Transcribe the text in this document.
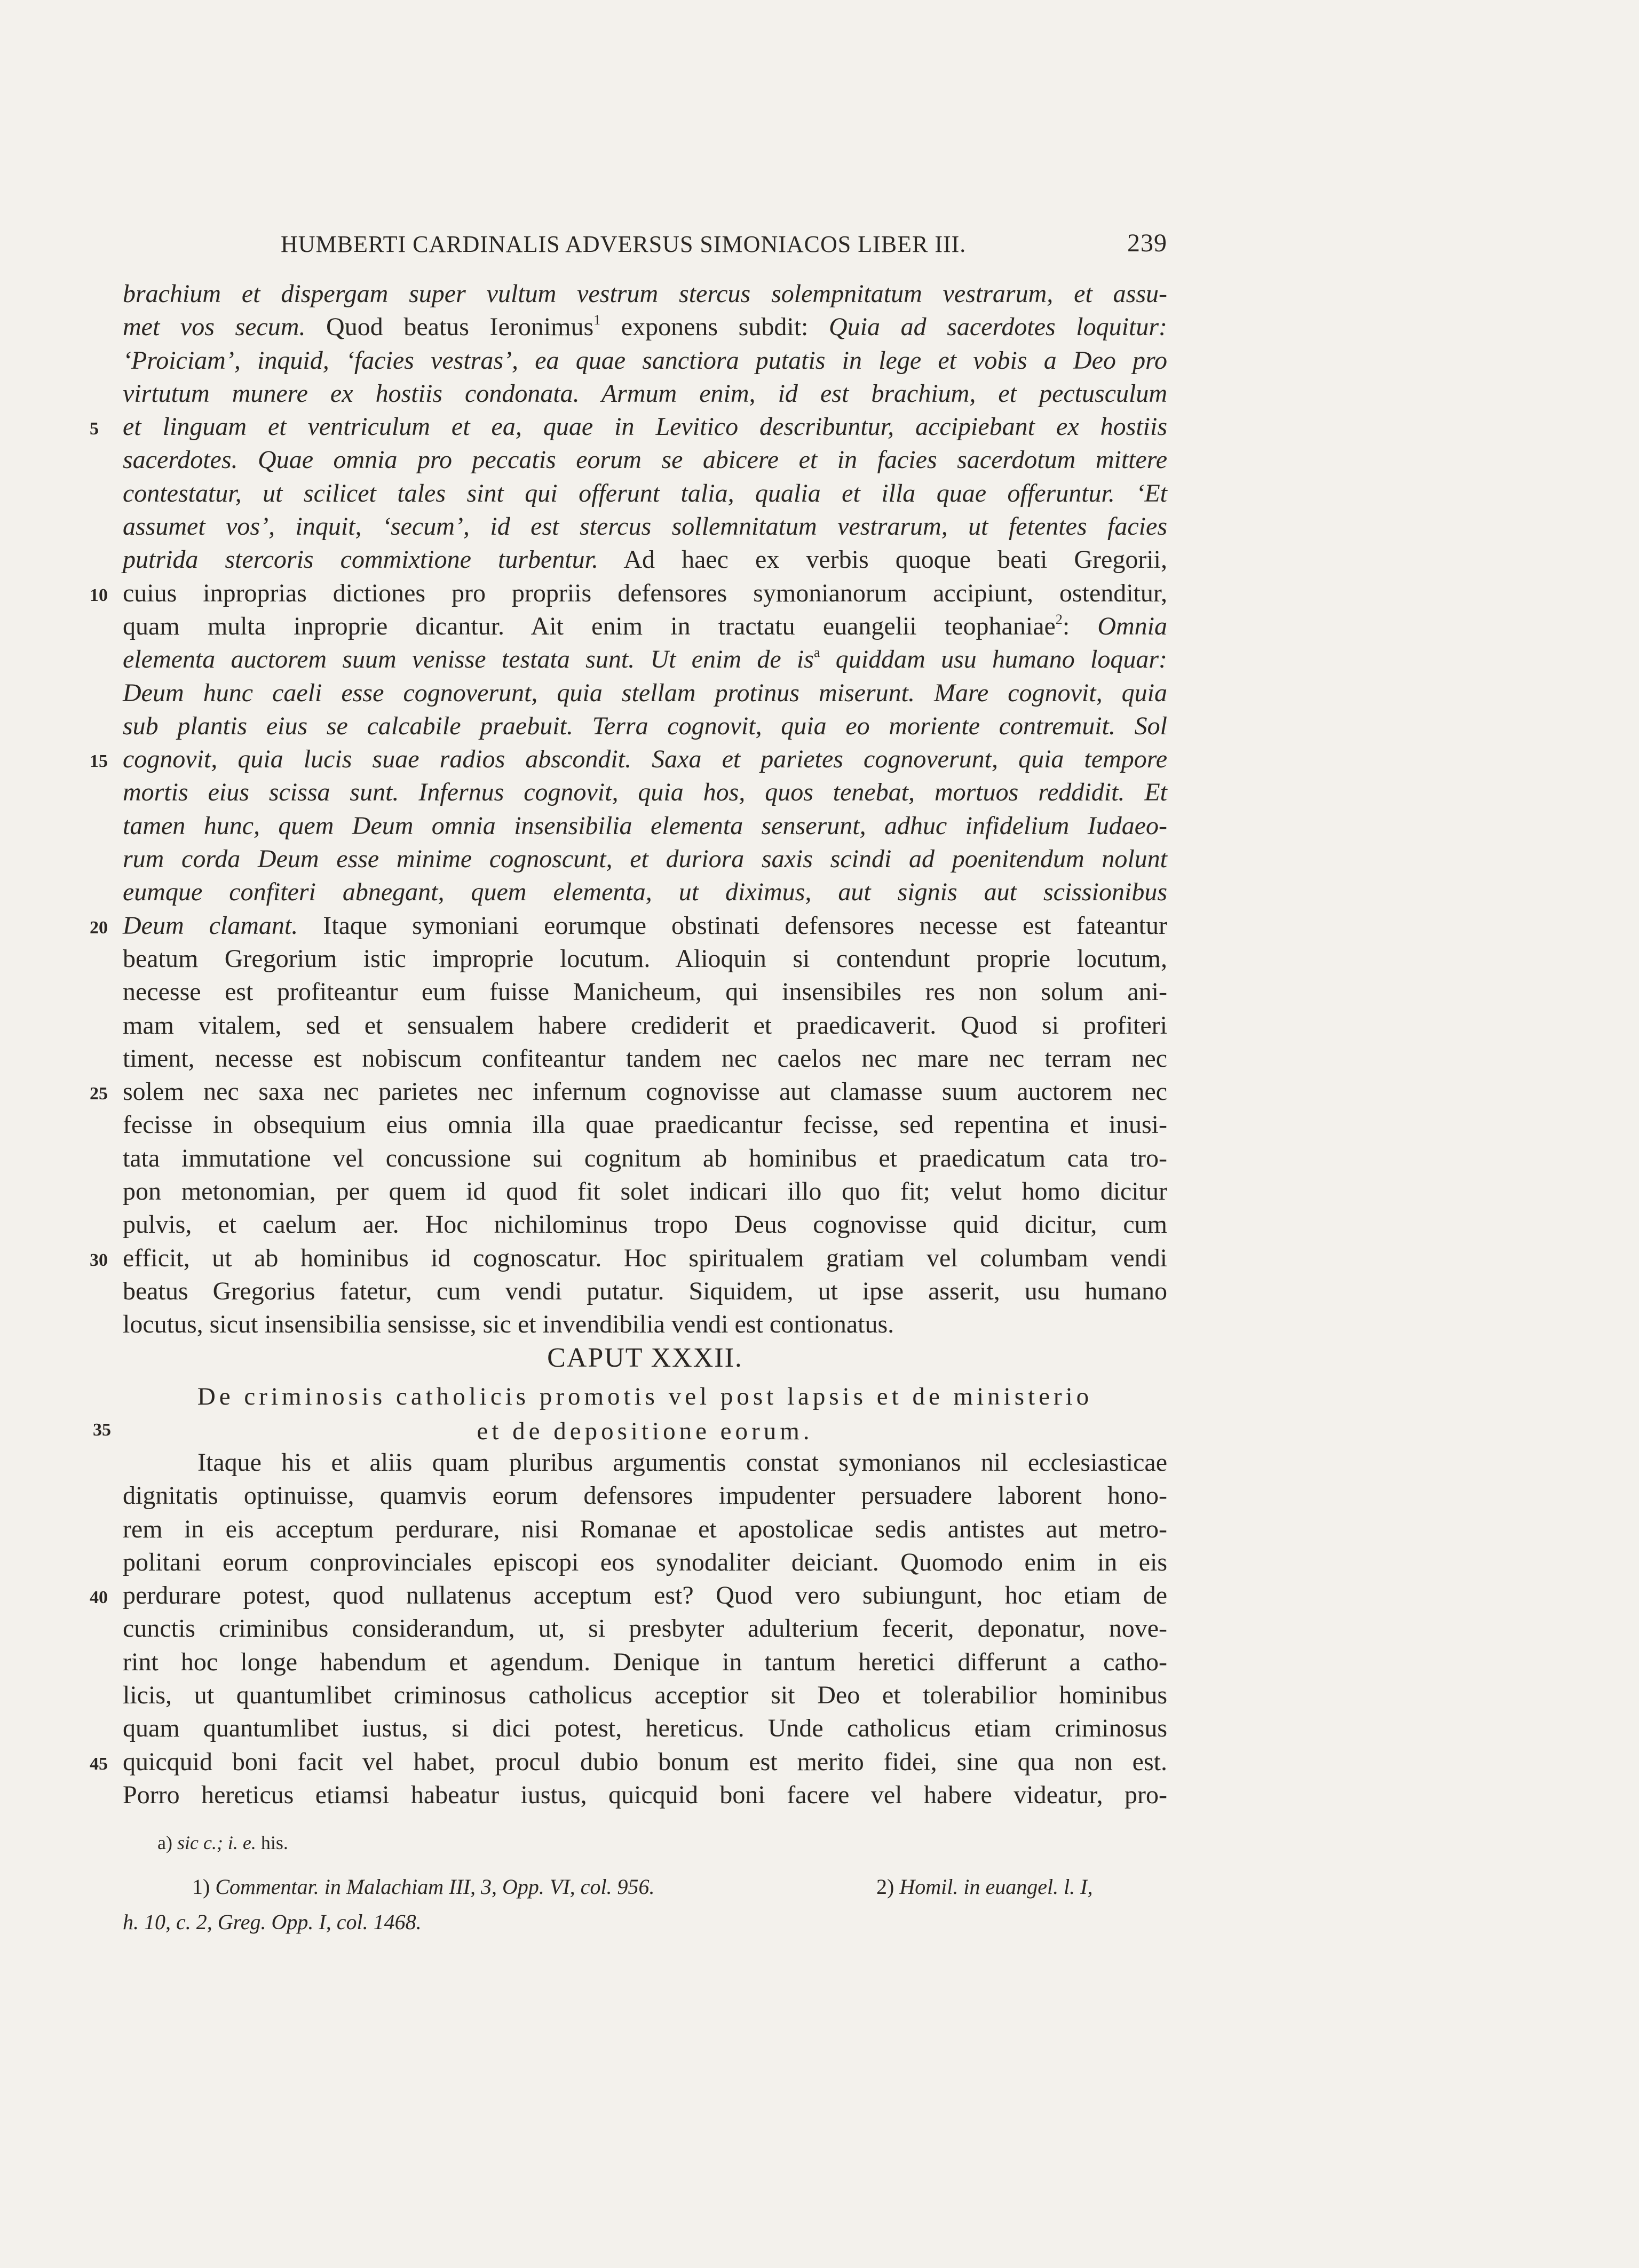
HUMBERTI CARDINALIS ADVERSUS SIMONIACOS LIBER III.	239
brachium et dispergam super vultum vestrum stercus solempnitatum vestrarum, et assu-
met vos secum. Quod beatus Ieronimus$^1$ exponens subdit: Quia ad sacerdotes loquitur:
‘Proiciam’, inquid, ‘facies vestras’, ea quae sanctiora putatis in lege et vobis a Deo pro
virtutum munere ex hostiis condonata. Armum enim, id est brachium, et pectusculum
5 et linguam et ventriculum et ea, quae in Levitico describuntur, accipiebant ex hostiis
sacerdotes. Quae omnia pro peccatis eorum se abicere et in facies sacerdotum mittere
contestatur, ut scilicet tales sint qui offerunt talia, qualia et illa quae offeruntur. ‘Et
assumet vos’, inquit, ‘secum’, id est stercus sollemnitatum vestrarum, ut fetentes facies
putrida stercoris commixtione turbentur. Ad haec ex verbis quoque beati Gregorii,
10 cuius inproprias dictiones pro propriis defensores symonianorum accipiunt, ostenditur,
quam multa inproprie dicantur. Ait enim in tractatu euangelii teophaniae$^2$: Omnia
elementa auctorem suum venisse testata sunt. Ut enim de $is^a$ quiddam usu humano loquar:
Deum hunc caeli esse cognoverunt, quia stellam protinus miserunt. Mare cognovit, quia
sub plantis eius se calcabile praebuit. Terra cognovit, quia eo moriente contremuit. Sol
15 cognovit, quia lucis suae radios abscondit. Saxa et parietes cognoverunt, quia tempore
mortis eius scissa sunt. Infernus cognovit, quia hos, quos tenebat, mortuos reddidit. Et
tamen hunc, quem Deum omnia insensibilia elementa senserunt, adhuc infidelium Iudaeo-
rum corda Deum esse minime cognoscunt, et duriora saxis scindi ad poenitendum nolunt
eumque confiteri abnegant, quem elementa, ut diximus, aut signis aut scissionibus
20 Deum clamant. Itaque symoniani eorumque obstinati defensores necesse est fateantur
beatum Gregorium istic improprie locutum. Alioquin si contendunt proprie locutum,
necesse est profiteantur eum fuisse Manicheum, qui insensibiles res non solum ani-
mam vitalem, sed et sensualem habere crediderit et praedicaverit. Quod si profiteri
timent, necesse est nobiscum confiteantur tandem nec caelos nec mare nec terram nec
25 solem nec saxa nec parietes nec infernum cognovisse aut clamasse suum auctorem nec
fecisse in obsequium eius omnia illa quae praedicantur fecisse, sed repentina et inusi-
tata immutatione vel concussione sui cognitum ab hominibus et praedicatum cata tro-
pon metonomian, per quem id quod fit solet indicari illo quo fit; velut homo dicitur
pulvis, et caelum aer. Hoc nichilominus tropo Deus cognovisse quid dicitur, cum
30 efficit, ut ab hominibus id cognoscatur. Hoc spiritualem gratiam vel columbam vendi
beatus Gregorius fatetur, cum vendi putatur. Siquidem, ut ipse asserit, usu humano
locutus, sicut insensibilia sensisse, sic et invendibilia vendi est contionatus.
CAPUT XXXII.
De criminosis catholicis promotis vel post lapsis et de ministerio
35	et de depositione eorum.
Itaque his et aliis quam pluribus argumentis constat symonianos nil ecclesiasticae
dignitatis optinuisse, quamvis eorum defensores impudenter persuadere laborent hono-
rem in eis acceptum perdurare, nisi Romanae et apostolicae sedis antistes aut metro-
politani eorum conprovinciales episcopi eos synodaliter deiciant. Quomodo enim in eis
40 perdurare potest, quod nullatenus acceptum est? Quod vero subiungunt, hoc etiam de
cunctis criminibus considerandum, ut, si presbyter adulterium fecerit, deponatur, nove-
rint hoc longe habendum et agendum. Denique in tantum heretici differunt a catho-
licis, ut quantumlibet criminosus catholicus acceptior sit Deo et tolerabilior hominibus
quam quantumlibet iustus, si dici potest, hereticus. Unde catholicus etiam criminosus
45 quicquid boni facit vel habet, procul dubio bonum est merito fidei, sine qua non est.
Porro hereticus etiamsi habeatur iustus, quicquid boni facere vel habere videatur, pro-
a) sic c.; i. e. his.
1) Commentar. in Malachiam III, 3, Opp. VI, col. 956.	2) Homil. in euangel. l. I,
h. 10, c. 2, Greg. Opp. I, col. 1468.
